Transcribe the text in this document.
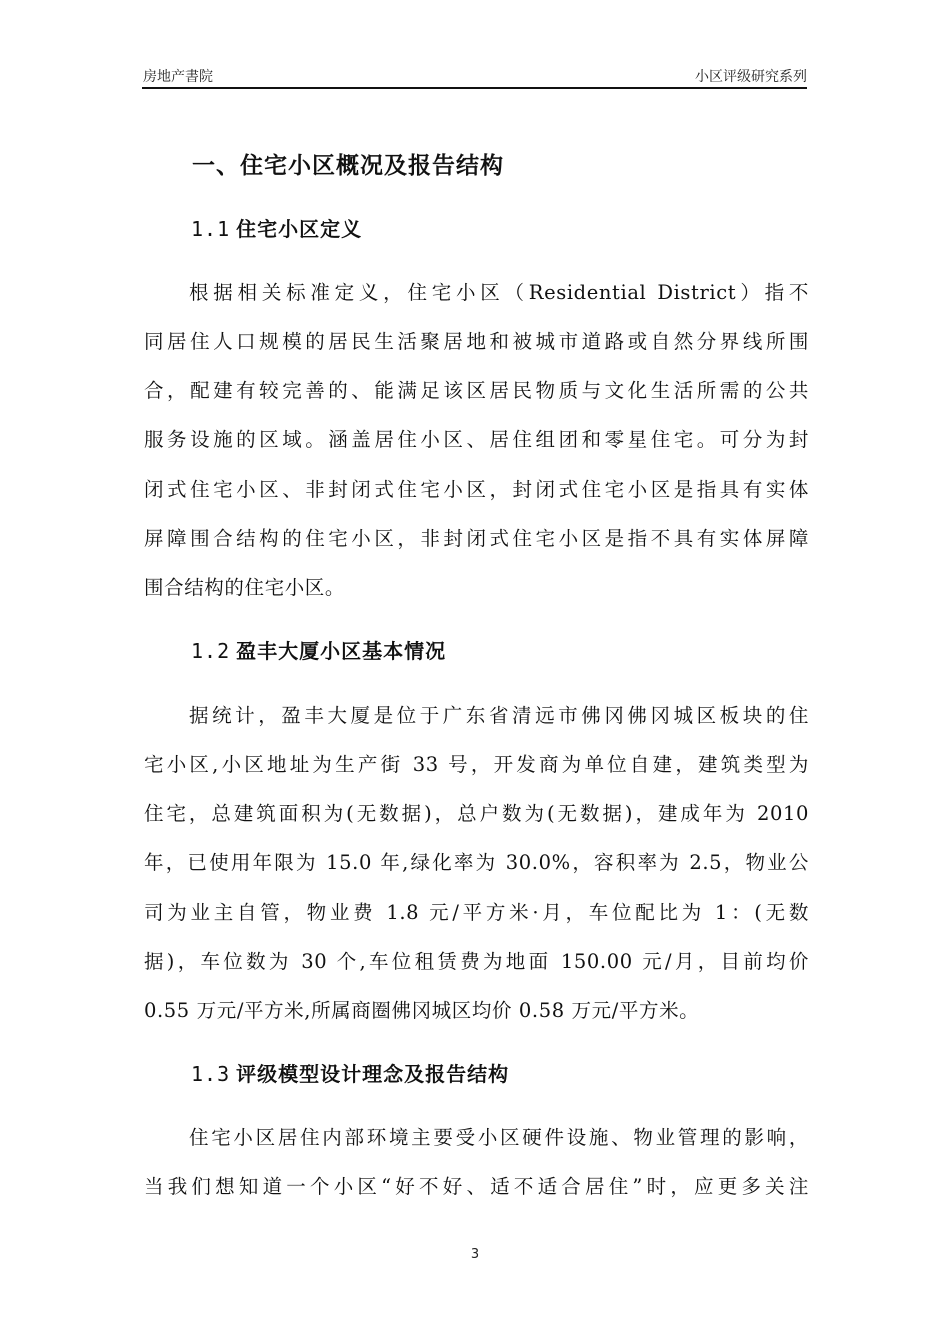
房地产書院	小区评级研究系列
一、住宅小区概况及报告结构
1.1 住宅小区定义
根据相关标准定义，住宅小区（Residential District）指不
同居住人口规模的居民生活聚居地和被城市道路或自然分界线所围
合，配建有较完善的、能满足该区居民物质与文化生活所需的公共
服务设施的区域。涵盖居住小区、居住组团和零星住宅。可分为封
闭式住宅小区、非封闭式住宅小区，封闭式住宅小区是指具有实体
屏障围合结构的住宅小区，非封闭式住宅小区是指不具有实体屏障
围合结构的住宅小区。
1.2 盈丰大厦小区基本情况
据统计，盈丰大厦是位于广东省清远市佛冈佛冈城区板块的住
宅小区,小区地址为生产街 33 号，开发商为单位自建，建筑类型为
住宅，总建筑面积为(无数据)，总户数为(无数据)，建成年为 2010
年，已使用年限为 15.0 年,绿化率为 30.0%，容积率为 2.5，物业公
司为业主自管，物业费 1.8 元/平方米·月，车位配比为 1：(无数
据)，车位数为 30 个,车位租赁费为地面 150.00 元/月，目前均价
0.55 万元/平方米,所属商圈佛冈城区均价 0.58 万元/平方米。
1.3 评级模型设计理念及报告结构
住宅小区居住内部环境主要受小区硬件设施、物业管理的影响，
当我们想知道一个小区“好不好、适不适合居住”时，应更多关注
3
